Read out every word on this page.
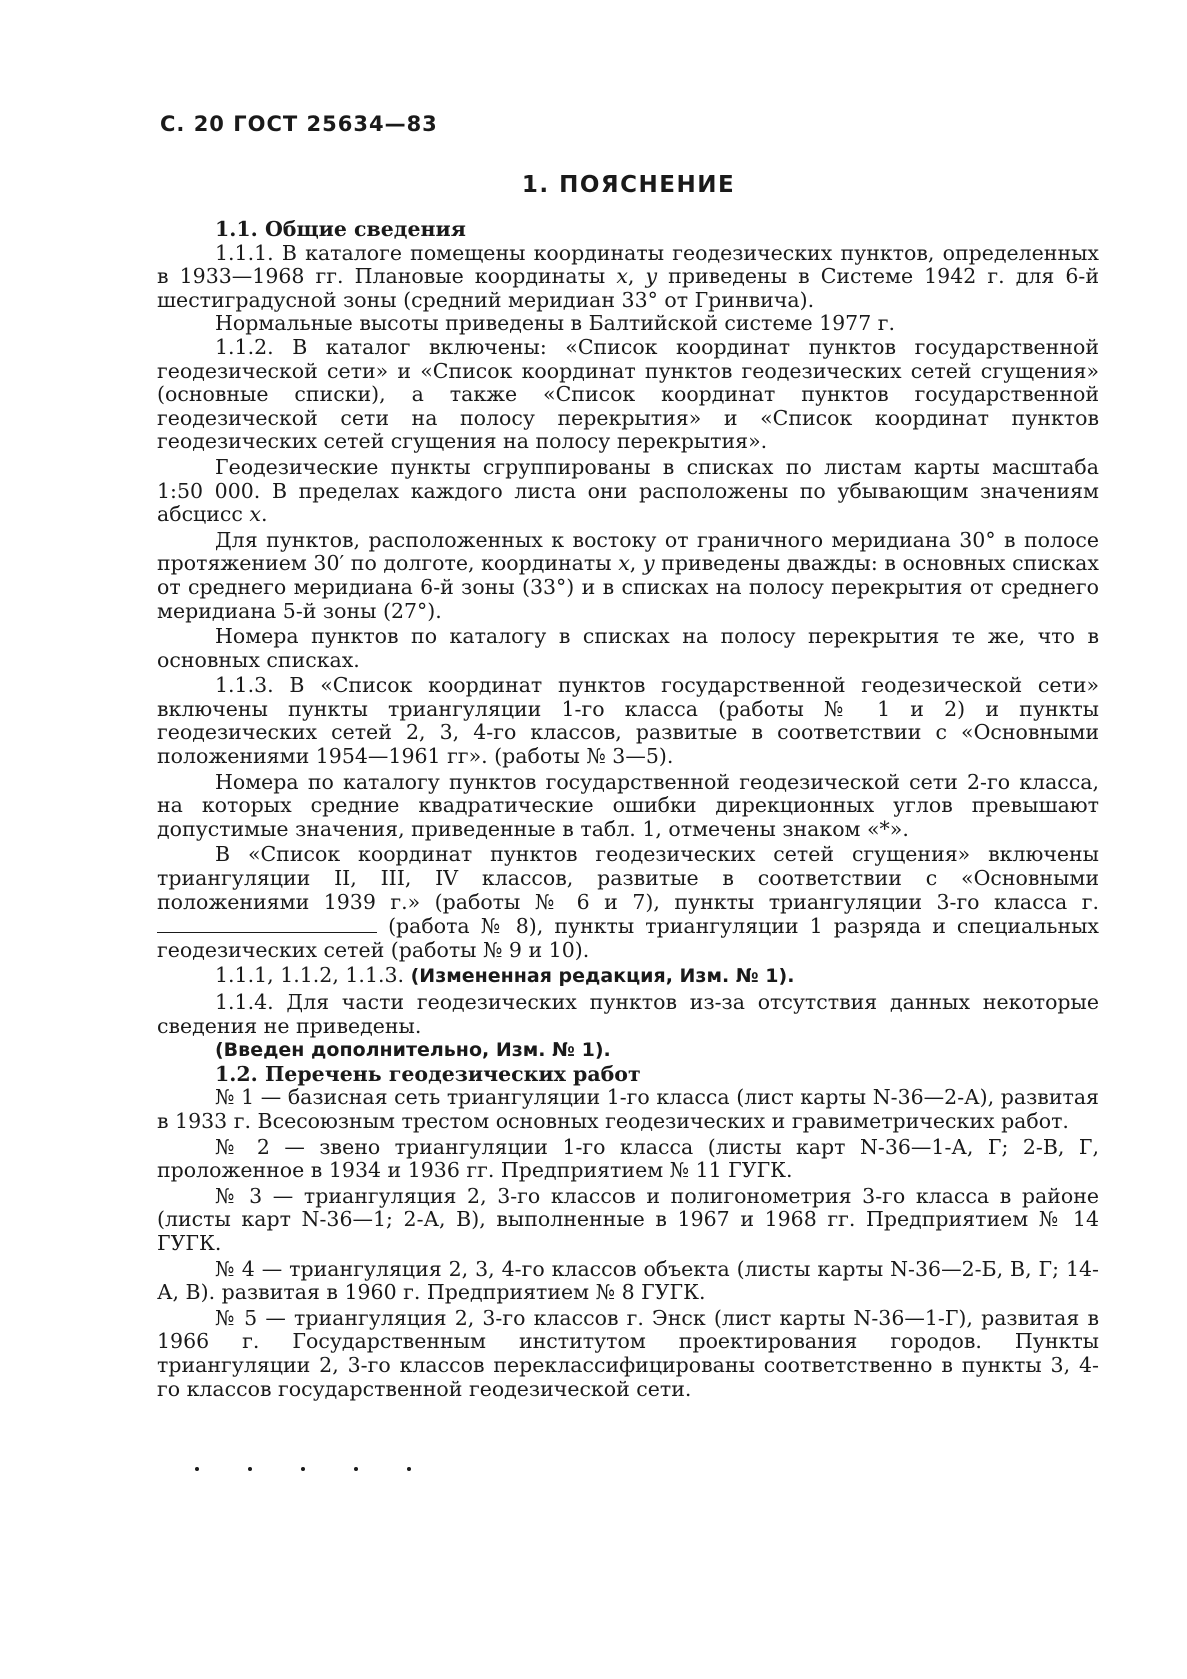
С. 20 ГОСТ 25634—83
1. ПОЯСНЕНИЕ

1.1. Общие сведения

1.1.1. В каталоге помещены координаты геодезических пунктов, определенных в 1933—1968 гг. Плановые координаты x, y приведены в Системе 1942 г. для 6-й шестиградусной зоны (средний меридиан 33° от Гринвича).

Нормальные высоты приведены в Балтийской системе 1977 г.

1.1.2. В каталог включены: «Список координат пунктов государственной геодезической сети» и «Список координат пунктов геодезических сетей сгущения» (основные списки), а также «Список координат пунктов государственной геодезической сети на полосу перекрытия» и «Список координат пунктов геодезических сетей сгущения на полосу перекрытия».

Геодезические пункты сгруппированы в списках по листам карты масштаба 1:50 000. В пределах каждого листа они расположены по убывающим значениям абсцисс x.

Для пунктов, расположенных к востоку от граничного меридиана 30° в полосе протяжением 30′ по долготе, координаты x, y приведены дважды: в основных списках от среднего меридиана 6-й зоны (33°) и в списках на полосу перекрытия от среднего меридиана 5-й зоны (27°).

Номера пунктов по каталогу в списках на полосу перекрытия те же, что в основных списках.

1.1.3. В «Список координат пунктов государственной геодезической сети» включены пункты триангуляции 1-го класса (работы № 1 и 2) и пункты геодезических сетей 2, 3, 4-го классов, развитые в соответствии с «Основными положениями 1954—1961 гг». (работы № 3—5).

Номера по каталогу пунктов государственной геодезической сети 2-го класса, на которых средние квадратические ошибки дирекционных углов превышают допустимые значения, приведенные в табл. 1, отмечены знаком «*».

В «Список координат пунктов геодезических сетей сгущения» включены триангуляции II, III, IV классов, развитые в соответствии с «Основными положениями 1939 г.» (работы № 6 и 7), пункты триангуляции 3-го класса г.  (работа № 8), пункты триангуляции 1 разряда и специальных геодезических сетей (работы № 9 и 10).

1.1.1, 1.1.2, 1.1.3. (Измененная редакция, Изм. № 1).

1.1.4. Для части геодезических пунктов из-за отсутствия данных некоторые сведения не приведены.

(Введен дополнительно, Изм. № 1).

1.2. Перечень геодезических работ

№ 1 — базисная сеть триангуляции 1-го класса (лист карты N-36—2-А), развитая в 1933 г. Всесоюзным трестом основных геодезических и гравиметрических работ.

№ 2 — звено триангуляции 1-го класса (листы карт N-36—1-А, Г; 2-В, Г, проложенное в 1934 и 1936 гг. Предприятием № 11 ГУГК.

№ 3 — триангуляция 2, 3-го классов и полигонометрия 3-го класса в районе (листы карт N-36—1; 2-А, В), выполненные в 1967 и 1968 гг. Предприятием № 14 ГУГК.

№ 4 — триангуляция 2, 3, 4-го классов объекта (листы карты N-36—2-Б, В, Г; 14-А, В). развитая в 1960 г. Предприятием № 8 ГУГК.

№ 5 — триангуляция 2, 3-го классов г. Энск (лист карты N-36—1-Г), развитая в 1966 г. Государственным институтом проектирования городов. Пункты триангуляции 2, 3-го классов переклассифицированы соответственно в пункты 3, 4-го классов государственной геодезической сети.
